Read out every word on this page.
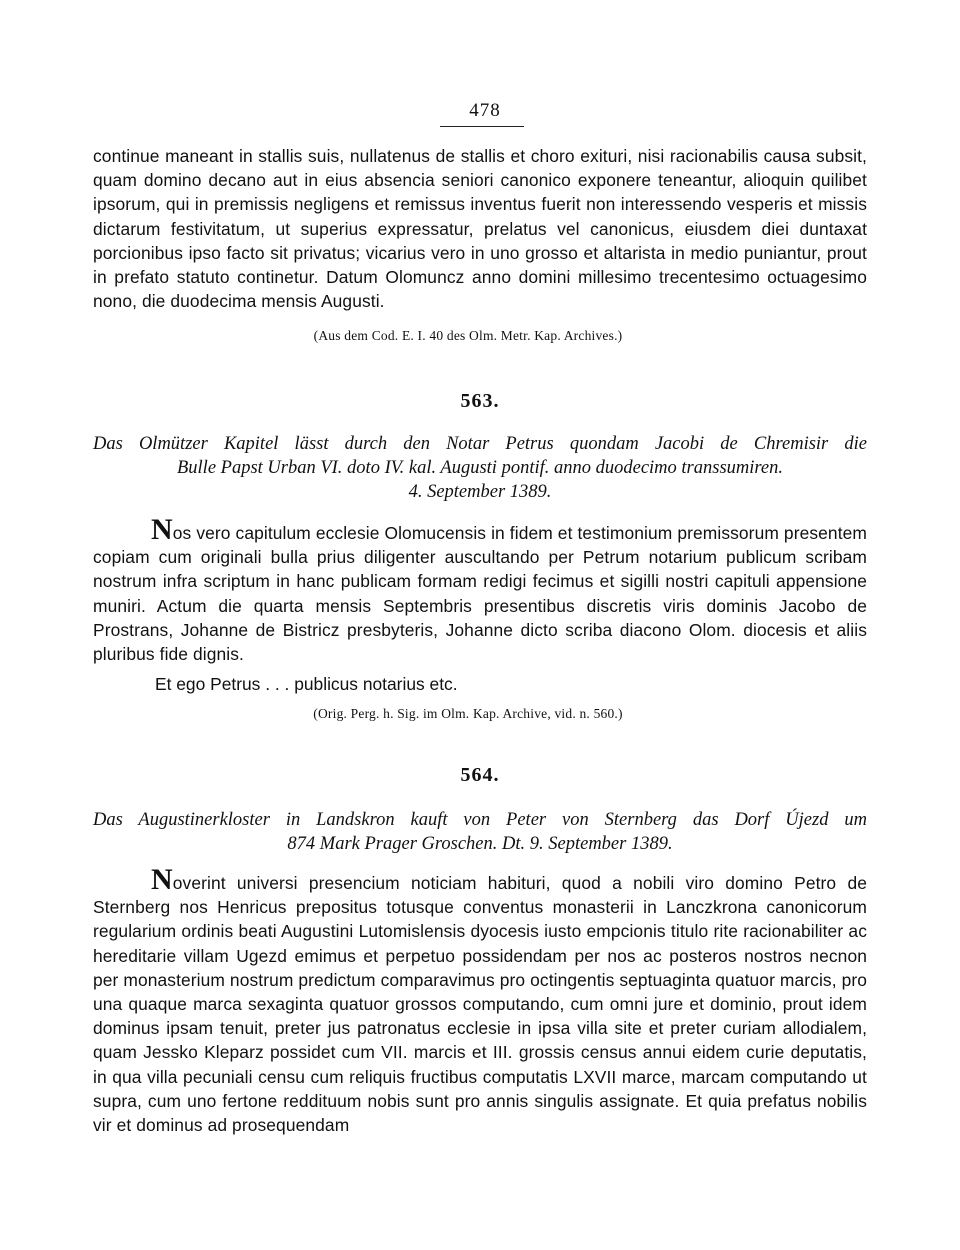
478

continue maneant in stallis suis, nullatenus de stallis et choro exituri, nisi racionabilis causa subsit, quam domino decano aut in eius absencia seniori canonico exponere teneantur, alioquin quilibet ipsorum, qui in premissis negligens et remissus inventus fuerit non interessendo vesperis et missis dictarum festivitatum, ut superius expressatur, prelatus vel canonicus, eiusdem diei duntaxat porcionibus ipso facto sit privatus; vicarius vero in uno grosso et altarista in medio puniantur, prout in prefato statuto continetur. Datum Olomuncz anno domini millesimo trecentesimo octuagesimo nono, die duodecima mensis Augusti.

(Aus dem Cod. E. I. 40 des Olm. Metr. Kap. Archives.)
563.
Das Olmützer Kapitel lässt durch den Notar Petrus quondam Jacobi de Chremisir die
Bulle Papst Urban VI. doto IV. kal. Augusti pontif. anno duodecimo transsumiren.
4. September 1389.

Nos vero capitulum ecclesie Olomucensis in fidem et testimonium premissorum presentem copiam cum originali bulla prius diligenter auscultando per Petrum notarium publicum scribam nostrum infra scriptum in hanc publicam formam redigi fecimus et sigilli nostri capituli appensione muniri. Actum die quarta mensis Septembris presentibus discretis viris dominis Jacobo de Prostrans, Johanne de Bistricz presbyteris, Johanne dicto scriba diacono Olom. diocesis et aliis pluribus fide dignis.

Et ego Petrus . . . publicus notarius etc.
(Orig. Perg. h. Sig. im Olm. Kap. Archive, vid. n. 560.)
564.
Das Augustinerkloster in Landskron kauft von Peter von Sternberg das Dorf Újezd um
874 Mark Prager Groschen. Dt. 9. September 1389.

Noverint universi presencium noticiam habituri, quod a nobili viro domino Petro de Sternberg nos Henricus prepositus totusque conventus monasterii in Lanczkrona canonicorum regularium ordinis beati Augustini Lutomislensis dyocesis iusto empcionis titulo rite racionabiliter ac hereditarie villam Ugezd emimus et perpetuo possidendam per nos ac posteros nostros necnon per monasterium nostrum predictum comparavimus pro octingentis septuaginta quatuor marcis, pro una quaque marca sexaginta quatuor grossos computando, cum omni jure et dominio, prout idem dominus ipsam tenuit, preter jus patronatus ecclesie in ipsa villa site et preter curiam allodialem, quam Jessko Kleparz possidet cum VII. marcis et III. grossis census annui eidem curie deputatis, in qua villa pecuniali censu cum reliquis fructibus computatis LXVII marce, marcam computando ut supra, cum uno fertone reddituum nobis sunt pro annis singulis assignate. Et quia prefatus nobilis vir et dominus ad prosequendam
